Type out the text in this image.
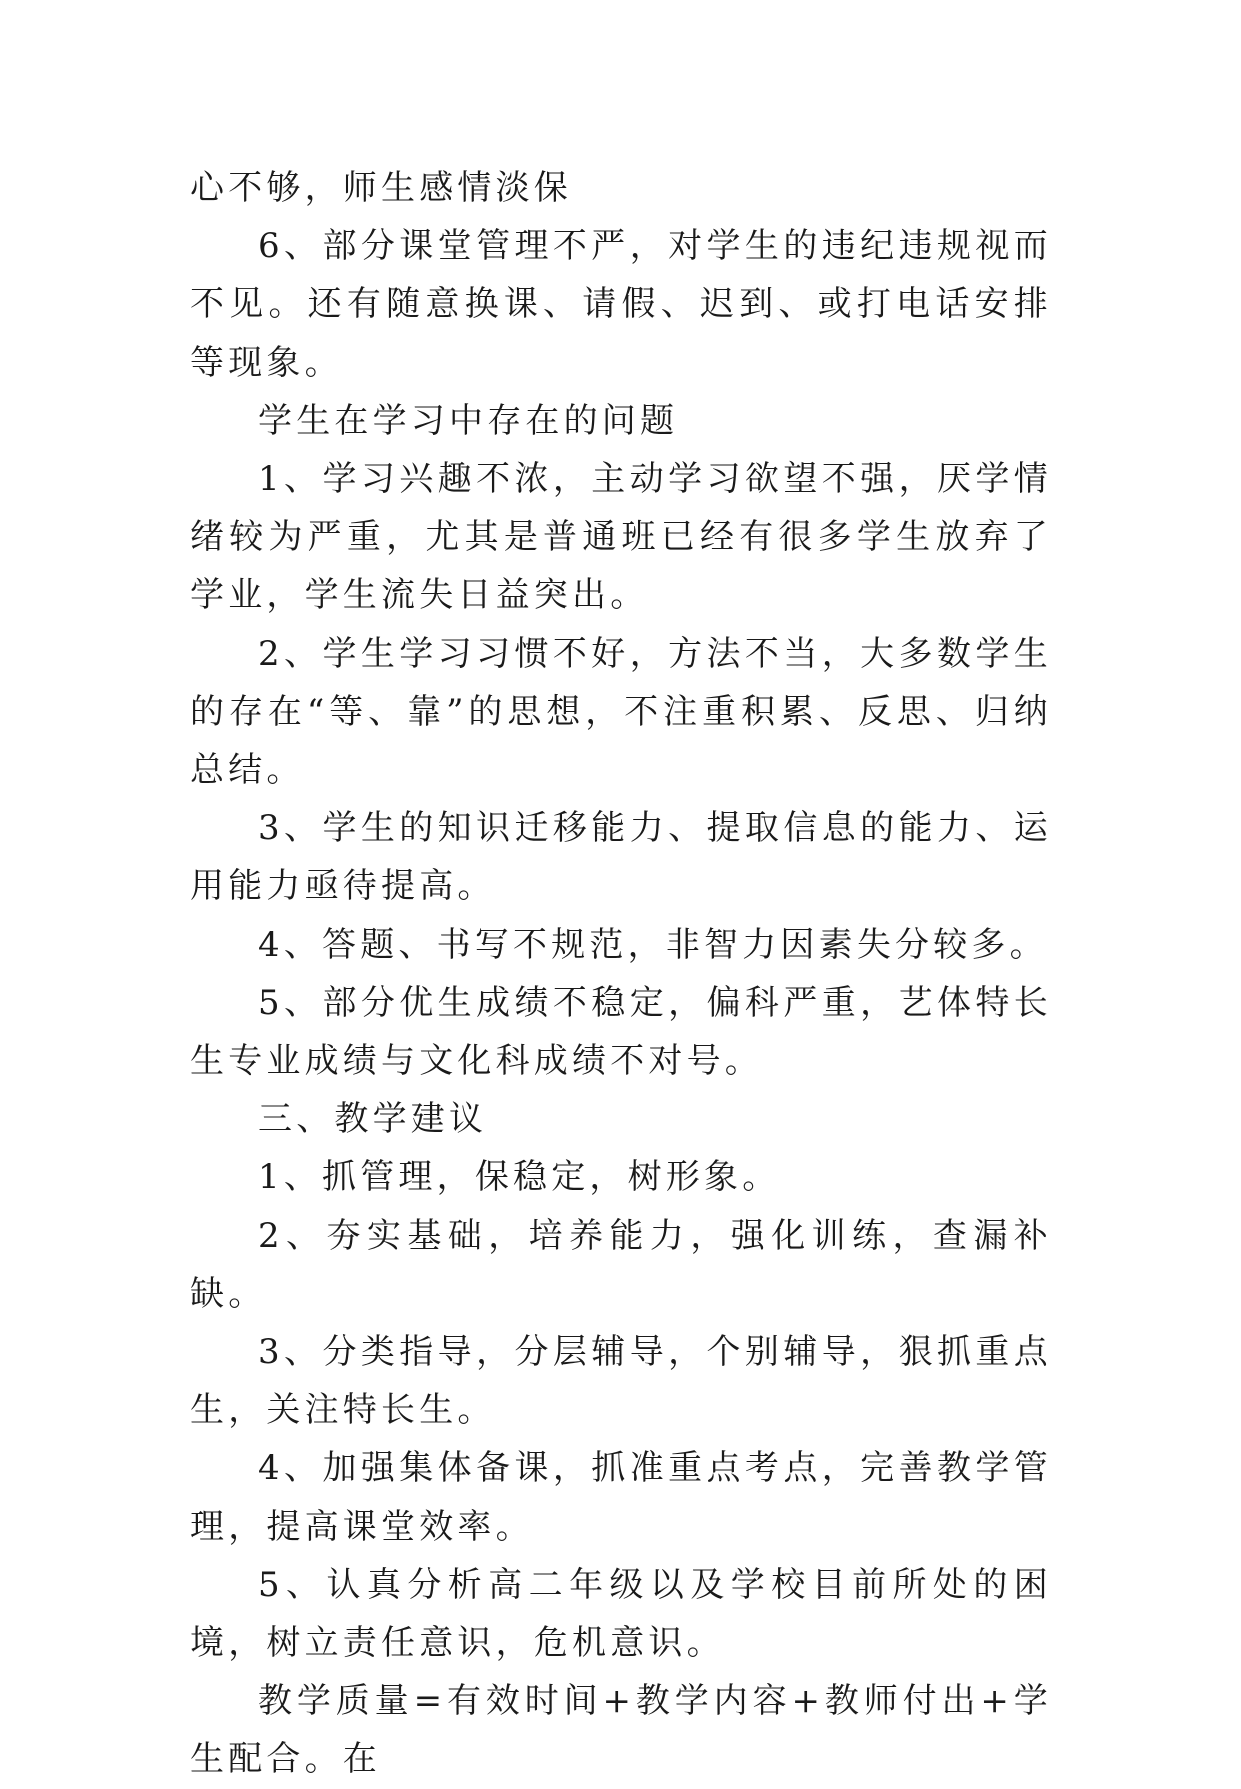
心不够，师生感情淡保

6、部分课堂管理不严，对学生的违纪违规视而不见。还有随意换课、请假、迟到、或打电话安排等现象。

学生在学习中存在的问题

1、学习兴趣不浓，主动学习欲望不强，厌学情绪较为严重，尤其是普通班已经有很多学生放弃了学业，学生流失日益突出。

2、学生学习习惯不好，方法不当，大多数学生的存在“等、靠”的思想，不注重积累、反思、归纳总结。

3、学生的知识迁移能力、提取信息的能力、运用能力亟待提高。

4、答题、书写不规范，非智力因素失分较多。

5、部分优生成绩不稳定，偏科严重，艺体特长生专业成绩与文化科成绩不对号。

三、教学建议

1、抓管理，保稳定，树形象。

2、夯实基础，培养能力，强化训练，查漏补缺。

3、分类指导，分层辅导，个别辅导，狠抓重点生，关注特长生。

4、加强集体备课，抓准重点考点，完善教学管理，提高课堂效率。

5、认真分析高二年级以及学校目前所处的困境，树立责任意识，危机意识。

教学质量=有效时间+教学内容+教师付出+学生配合。在
